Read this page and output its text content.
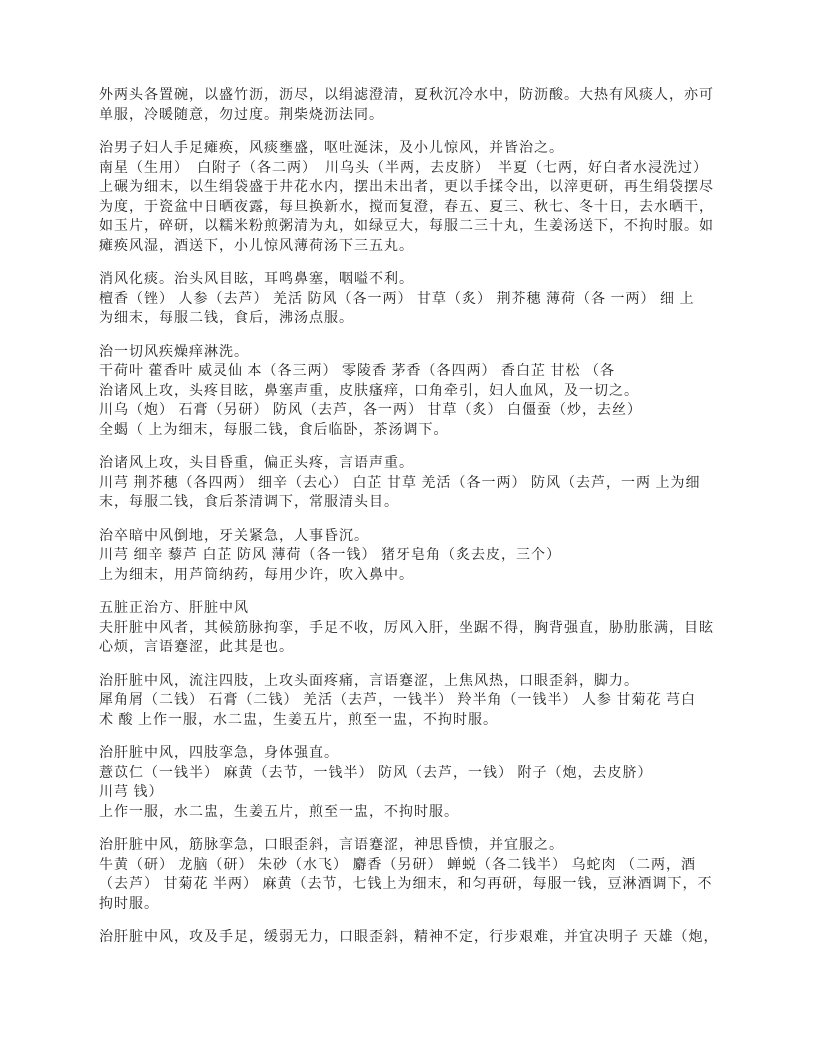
外两头各置碗，以盛竹沥，沥尽，以绢滤澄清，夏秋沉冷水中，防沥酸。大热有风痰人，亦可
单服，冷暖随意，勿过度。荆柴烧沥法同。
治男子妇人手足瘫痪，风痰壅盛，呕吐涎沫，及小儿惊风，并皆治之。
南星（生用）　白附子（各二两）　川乌头（半两，去皮脐）　半夏（七两，好白者水浸洗过）
上碾为细末，以生绢袋盛于井花水内，摆出未出者，更以手揉令出，以滓更研，再生绢袋摆尽
为度，于瓷盆中日晒夜露，每旦换新水，搅而复澄，春五、夏三、秋七、冬十日，去水晒干，
如玉片，碎研，以糯米粉煎粥清为丸，如绿豆大，每服二三十丸，生姜汤送下，不拘时服。如
瘫痪风湿，酒送下，小儿惊风薄荷汤下三五丸。
消风化痰。治头风目眩，耳鸣鼻塞，咽嗌不利。
檀香（锉） 人参（去芦） 羌活 防风（各一两） 甘草（炙） 荆芥穗 薄荷（各 一两） 细 上
为细末，每服二钱，食后，沸汤点服。
治一切风疾燥痒淋洗。
干荷叶 藿香叶 威灵仙 本（各三两） 零陵香 茅香（各四两） 香白芷 甘松 （各
治诸风上攻，头疼目眩，鼻塞声重，皮肤瘙痒，口角牵引，妇人血风，及一切之。
川乌（炮） 石膏（另研） 防风（去芦，各一两） 甘草（炙） 白僵蚕（炒，去丝）
全蝎（ 上为细末，每服二钱，食后临卧，茶汤调下。
治诸风上攻，头目昏重，偏正头疼，言语声重。
川芎 荆芥穗（各四两） 细辛（去心） 白芷 甘草 羌活（各一两） 防风（去芦，一两 上为细
末，每服二钱，食后茶清调下，常服清头目。
治卒暗中风倒地，牙关紧急，人事昏沉。
川芎 细辛 藜芦 白芷 防风 薄荷（各一钱） 猪牙皂角（炙去皮，三个）
上为细末，用芦筒纳药，每用少许，吹入鼻中。
五脏正治方、肝脏中风
夫肝脏中风者，其候筋脉拘挛，手足不收，厉风入肝，坐踞不得，胸背强直，胁肋胀满，目眩
心烦，言语蹇涩，此其是也。
治肝脏中风，流注四肢，上攻头面疼痛，言语蹇涩，上焦风热，口眼歪斜，脚力。
犀角屑（二钱） 石膏（二钱） 羌活（去芦，一钱半） 羚半角（一钱半） 人参 甘菊花 芎白
术 酸 上作一服，水二盅，生姜五片，煎至一盅，不拘时服。
治肝脏中风，四肢挛急，身体强直。
薏苡仁（一钱半） 麻黄（去节，一钱半） 防风（去芦，一钱） 附子（炮，去皮脐）
川芎 钱）
上作一服，水二盅，生姜五片，煎至一盅，不拘时服。
治肝脏中风，筋脉挛急，口眼歪斜，言语蹇涩，神思昏愦，并宜服之。
牛黄（研） 龙脑（研） 朱砂（水飞） 麝香（另研） 蝉蜕（各二钱半） 乌蛇肉 （二两，酒
（去芦） 甘菊花 半两） 麻黄（去节，七钱上为细末，和匀再研，每服一钱，豆淋酒调下，不
拘时服。
治肝脏中风，攻及手足，缓弱无力，口眼歪斜，精神不定，行步艰难，并宜决明子 天雄（炮，
